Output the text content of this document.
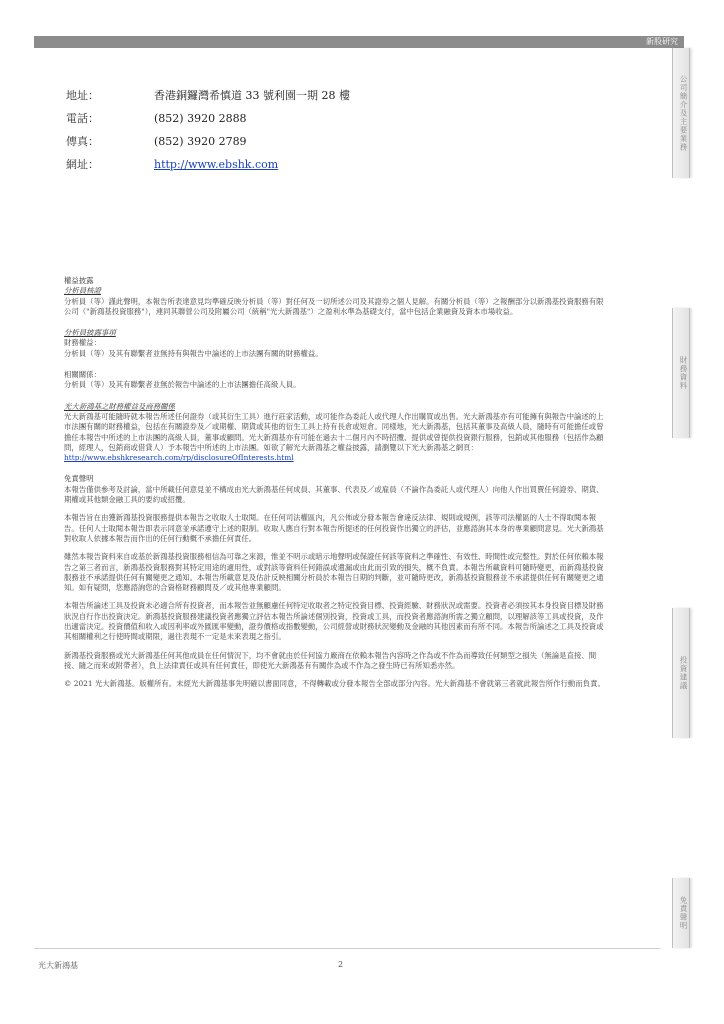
新股研究
公司簡介及主要業務
財務資料
投資建議
免責聲明
地址：	香港銅鑼灣希慎道 33 號利園一期 28 樓
電話：	(852) 3920 2888
傳真：	(852) 3920 2789
網址：	http://www.ebshk.com

權益披露

分析員核證

分析員（等）謹此聲明，本報告所表達意見均準確反映分析員（等）對任何及一切所述公司及其證券之個人見解。有關分析員（等）之報酬部分以新鴻基投資服務有限公司（"新鴻基投資服務"），連同其聯營公司及附屬公司（統稱"光大新鴻基"）之盈利水準為基礎支付，當中包括企業融資及資本市場收益。

分析員披露事項

財務權益：

分析員（等）及其有聯繫者並無持有與報告中論述的上市法團有關的財務權益。

相關關係：

分析員（等）及其有聯繫者並無於報告中論述的上市法團擔任高級人員。

光大新鴻基之財務權益及商務關係

光大新鴻基可能隨時就本報告所述任何證券（或其衍生工具）進行莊家活動，或可能作為委託人或代理人作出購買或出售。光大新鴻基亦有可能擁有與報告中論述的上市法團有關的財務權益，包括在有關證券及／或期權、期貨或其他的衍生工具上持有長倉或短倉。同樣地，光大新鴻基，包括其董事及高級人員，隨時有可能擔任或曾擔任本報告中所述的上市法團的高級人員，董事或顧問。光大新鴻基亦有可能在過去十二個月內不時招攬、提供或曾提供投資銀行服務，包銷或其他服務（包括作為顧問，經理人，包銷商或借貸人）予本報告中所述的上市法團。如欲了解光大新鴻基之權益披露，請瀏覽以下光大新鴻基之網頁：http://www.ebshkresearch.com/rp/disclosureOfInterests.html

免責聲明

本報告僅供參考及討論，當中所載任何意見並不構成由光大新鴻基任何成員、其董事、代表及／或雇員（不論作為委託人或代理人）向他人作出買賣任何證券、期貨、期權或其他類金融工具的要約或招攬。

本報告旨在由獲新鴻基投資服務提供本報告之收取人士取閱。在任何司法權區內，凡公佈或分發本報告會違反法律、規則或規例，該等司法權區的人士不得取閱本報告。任何人士取閱本報告即表示同意並承諾遵守上述的限制。收取人應自行對本報告所提述的任何投資作出獨立的評估，並應諮詢其本身的專業顧問意見。光大新鴻基對收取人依據本報告而作出的任何行動概不承擔任何責任。

雖然本報告資料來自或基於新鴻基投資服務相信為可靠之來源，惟並不明示或暗示地聲明或保證任何該等資料之準確性、有效性、時間性或完整性。對於任何依賴本報告之第三者而言，新鴻基投資服務對其特定用途的適用性，或對該等資料任何錯誤或遺漏或由此而引致的損失，概不負責。本報告所載資料可隨時變更，而新鴻基投資服務並不承諾提供任何有關變更之通知。本報告所載意見及估計反映相關分析員於本報告日期的判斷，並可隨時更改，新鴻基投資服務並不承諾提供任何有關變更之通知。如有疑問，您應諮詢您的合資格財務顧問及／或其他專業顧問。

本報告所論述工具及投資未必適合所有投資者，而本報告並無顧慮任何特定收取者之特定投資目標、投資經驗、財務狀況或需要。投資者必須按其本身投資目標及財務狀況自行作出投資決定。新鴻基投資服務建議投資者應獨立評估本報告所論述個別投資，投資或工具，而投資者應諮詢所需之獨立顧問，以理解該等工具或投資，及作出適當決定。投資價值和收入或因利率或外匯匯率變動，證券價格或指數變動，公司經營或財務狀況變動及金融的其他因素而有所不同。本報告所論述之工具及投資或其相關權利之行使時間或期限，過往表現不一定是未來表現之指引。

新鴻基投資服務或光大新鴻基任何其他成員在任何情況下，均不會就由於任何協力廠商在依賴本報告內容時之作為或不作為而導致任何類型之損失（無論是直接、間接、隨之而來或附帶者），負上法律責任或具有任何責任，即使光大新鴻基有有關作為或不作為之發生時已有所知悉亦然。

© 2021 光大新鴻基。版權所有。未經光大新鴻基事先明確以書面同意，不得轉載或分發本報告全部或部分內容。光大新鴻基不會就第三者就此報告所作行動而負責。

光大新鴻基	2
